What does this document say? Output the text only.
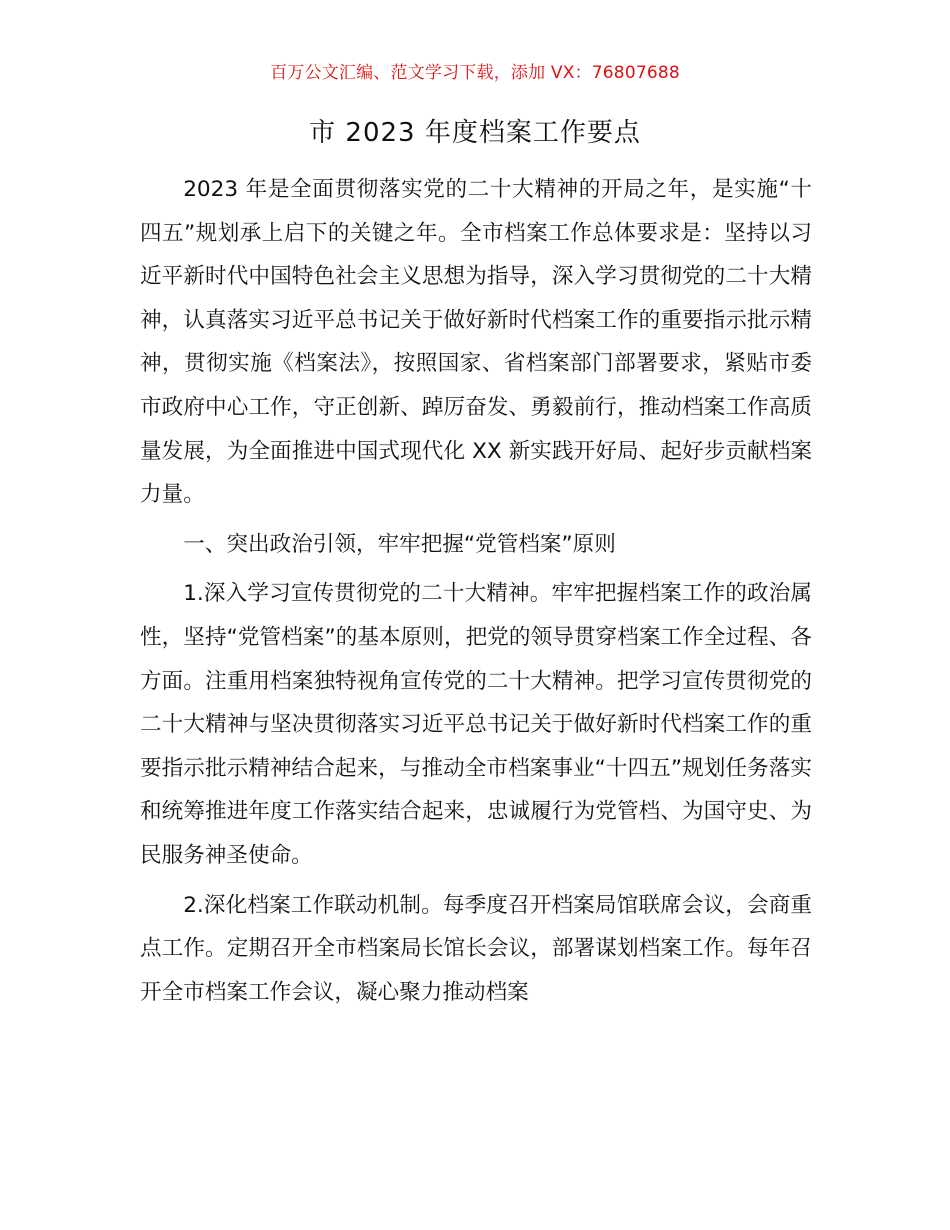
百万公文汇编、范文学习下载，添加 VX：76807688
市 2023 年度档案工作要点

2023 年是全面贯彻落实党的二十大精神的开局之年，是实施“十四五”规划承上启下的关键之年。全市档案工作总体要求是：坚持以习近平新时代中国特色社会主义思想为指导，深入学习贯彻党的二十大精神，认真落实习近平总书记关于做好新时代档案工作的重要指示批示精神，贯彻实施《档案法》，按照国家、省档案部门部署要求，紧贴市委市政府中心工作，守正创新、踔厉奋发、勇毅前行，推动档案工作高质量发展，为全面推进中国式现代化 XX 新实践开好局、起好步贡献档案力量。

一、突出政治引领，牢牢把握“党管档案”原则

1.深入学习宣传贯彻党的二十大精神。牢牢把握档案工作的政治属性，坚持“党管档案”的基本原则，把党的领导贯穿档案工作全过程、各方面。注重用档案独特视角宣传党的二十大精神。把学习宣传贯彻党的二十大精神与坚决贯彻落实习近平总书记关于做好新时代档案工作的重要指示批示精神结合起来，与推动全市档案事业“十四五”规划任务落实和统筹推进年度工作落实结合起来，忠诚履行为党管档、为国守史、为民服务神圣使命。

2.深化档案工作联动机制。每季度召开档案局馆联席会议，会商重点工作。定期召开全市档案局长馆长会议，部署谋划档案工作。每年召开全市档案工作会议，凝心聚力推动档案
